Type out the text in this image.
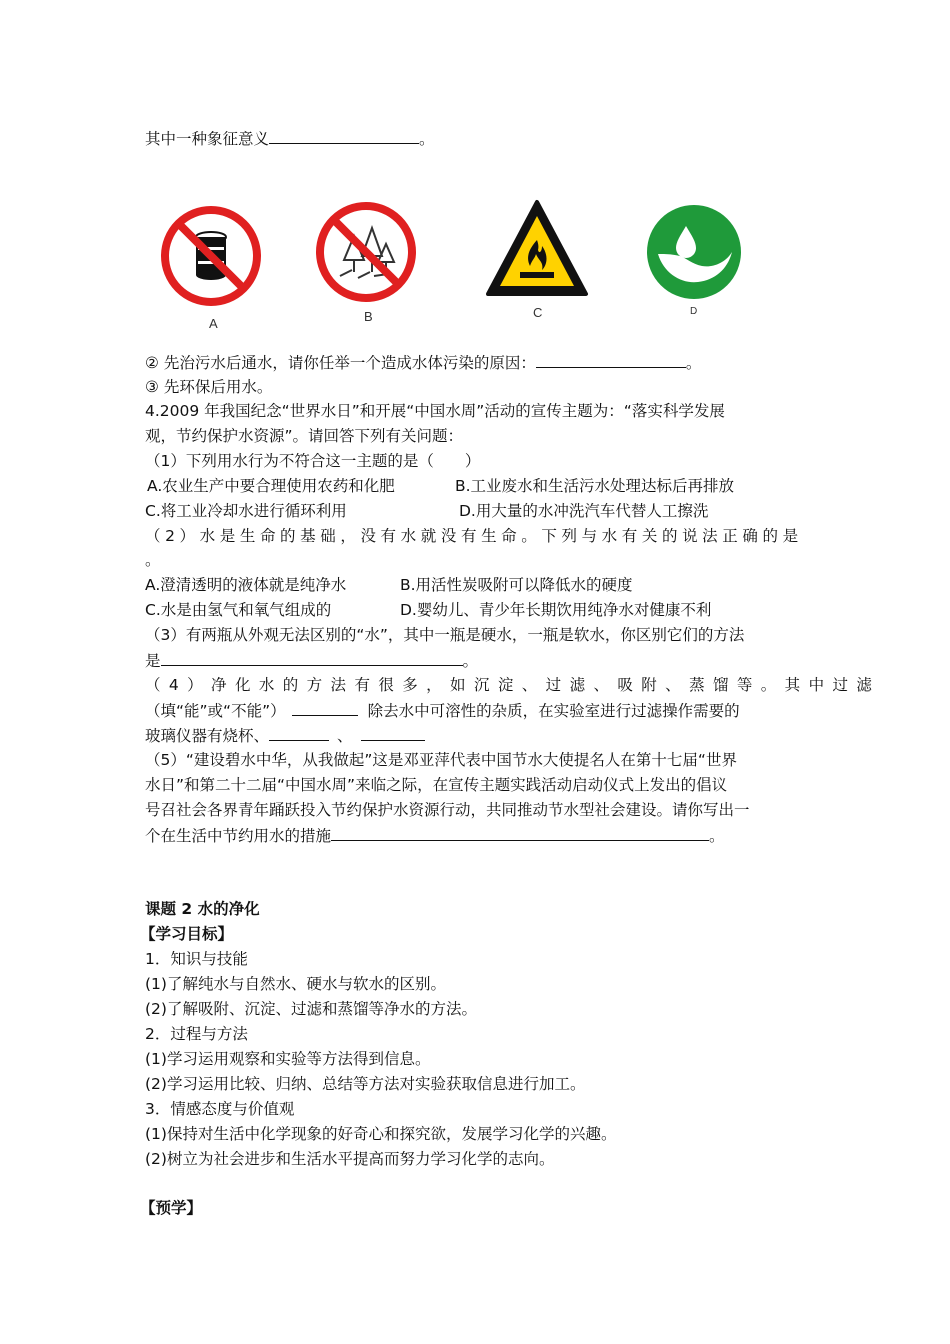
其中一种象征意义	。
A	B	C	D
② 先治污水后通水，请你任举一个造成水体污染的原因：	。
③ 先环保后用水。
4.2009 年我国纪念“世界水日”和开展“中国水周”活动的宣传主题为：“落实科学发展
观，节约保护水资源”。请回答下列有关问题：
（1）下列用水行为不符合这一主题的是（　　）
A.农业生产中要合理使用农药和化肥	B.工业废水和生活污水处理达标后再排放
C.将工业冷却水进行循环利用	D.用大量的水冲洗汽车代替人工擦洗
（2）水是生命的基础，没有水就没有生命。下列与水有关的说法正确的是
。
A.澄清透明的液体就是纯净水	B.用活性炭吸附可以降低水的硬度
C.水是由氢气和氧气组成的	D.婴幼儿、青少年长期饮用纯净水对健康不利
（3）有两瓶从外观无法区别的“水”，其中一瓶是硬水，一瓶是软水，你区别它们的方法
是	。
（4）净化水的方法有很多，如沉淀、过滤、吸附、蒸馏等。其中过滤
（填“能”或“不能”）	除去水中可溶性的杂质，在实验室进行过滤操作需要的
玻璃仪器有烧杯、	、
（5）“建设碧水中华，从我做起”这是邓亚萍代表中国节水大使提名人在第十七届“世界
水日”和第二十二届“中国水周”来临之际，在宣传主题实践活动启动仪式上发出的倡议
号召社会各界青年踊跃投入节约保护水资源行动，共同推动节水型社会建设。请你写出一
个在生活中节约用水的措施	。
课题 2 水的净化
【学习目标】
1．知识与技能
(1)了解纯水与自然水、硬水与软水的区别。
(2)了解吸附、沉淀、过滤和蒸馏等净水的方法。
2．过程与方法
(1)学习运用观察和实验等方法得到信息。
(2)学习运用比较、归纳、总结等方法对实验获取信息进行加工。
3．情感态度与价值观
(1)保持对生活中化学现象的好奇心和探究欲，发展学习化学的兴趣。
(2)树立为社会进步和生活水平提高而努力学习化学的志向。
【预学】
